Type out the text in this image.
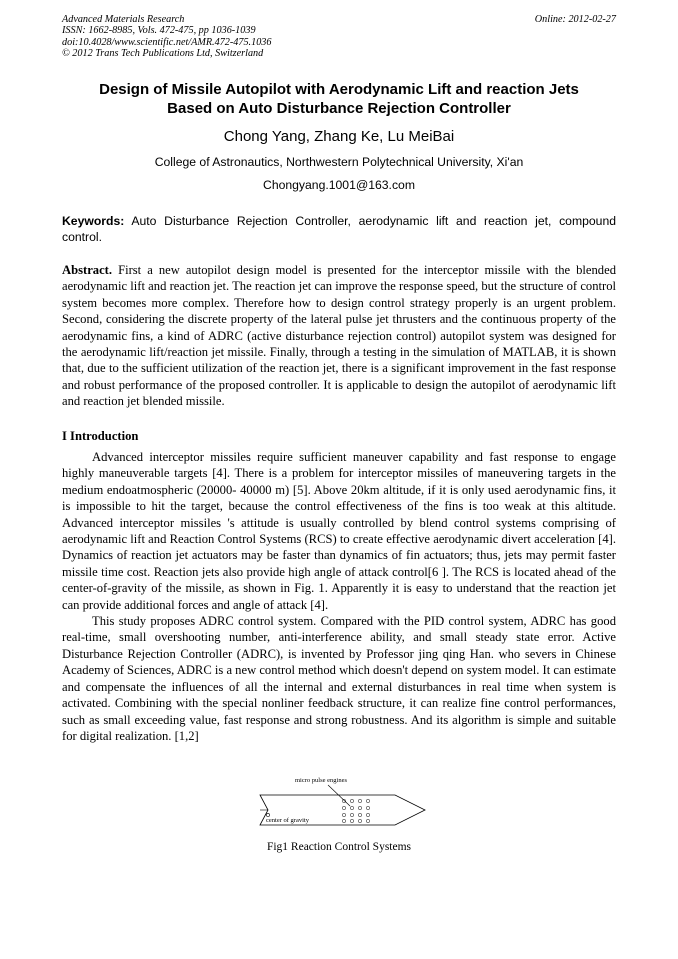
Advanced Materials Research
ISSN: 1662-8985, Vols. 472-475, pp 1036-1039
doi:10.4028/www.scientific.net/AMR.472-475.1036
© 2012 Trans Tech Publications Ltd, Switzerland
Online: 2012-02-27
Design of Missile Autopilot with Aerodynamic Lift and reaction Jets
Based on Auto Disturbance Rejection Controller
Chong Yang, Zhang Ke, Lu MeiBai
College of Astronautics, Northwestern Polytechnical University, Xi'an
Chongyang.1001@163.com
Keywords: Auto Disturbance Rejection Controller, aerodynamic lift and reaction jet, compound control.
Abstract. First a new autopilot design model is presented for the interceptor missile with the blended aerodynamic lift and reaction jet. The reaction jet can improve the response speed, but the structure of control system becomes more complex. Therefore how to design control strategy properly is an urgent problem. Second, considering the discrete property of the lateral pulse jet thrusters and the continuous property of the aerodynamic fins, a kind of ADRC (active disturbance rejection control) autopilot system was designed for the aerodynamic lift/reaction jet missile. Finally, through a testing in the simulation of MATLAB, it is shown that, due to the sufficient utilization of the reaction jet, there is a significant improvement in the fast response and robust performance of the proposed controller. It is applicable to design the autopilot of aerodynamic lift and reaction jet blended missile.
I Introduction

Advanced interceptor missiles require sufficient maneuver capability and fast response to engage highly maneuverable targets [4]. There is a problem for interceptor missiles of maneuvering targets in the medium endoatmospheric (20000- 40000 m) [5]. Above 20km altitude, if it is only used aerodynamic fins, it is impossible to hit the target, because the control effectiveness of the fins is too weak at this altitude. Advanced interceptor missiles 's attitude is usually controlled by blend control systems comprising of aerodynamic lift and Reaction Control Systems (RCS) to create effective aerodynamic divert acceleration [4]. Dynamics of reaction jet actuators may be faster than dynamics of fin actuators; thus, jets may permit faster missile time cost. Reaction jets also provide high angle of attack control[6 ]. The RCS is located ahead of the center-of-gravity of the missile, as shown in Fig. 1. Apparently it is easy to understand that the reaction jet can provide additional forces and angle of attack [4].

This study proposes ADRC control system. Compared with the PID control system, ADRC has good real-time, small overshooting number, anti-interference ability, and small steady state error. Active Disturbance Rejection Controller (ADRC), is invented by Professor jing qing Han. who severs in Chinese Academy of Sciences, ADRC is a new control method which doesn't depend on system model. It can estimate and compensate the influences of all the internal and external disturbances in real time when system is activated. Combining with the special nonliner feedback structure, it can realize fine control performances, such as small exceeding value, fast response and strong robustness. And its algorithm is simple and suitable for digital realization. [1,2]

micro pulse engines
center of gravity
Fig1 Reaction Control Systems
